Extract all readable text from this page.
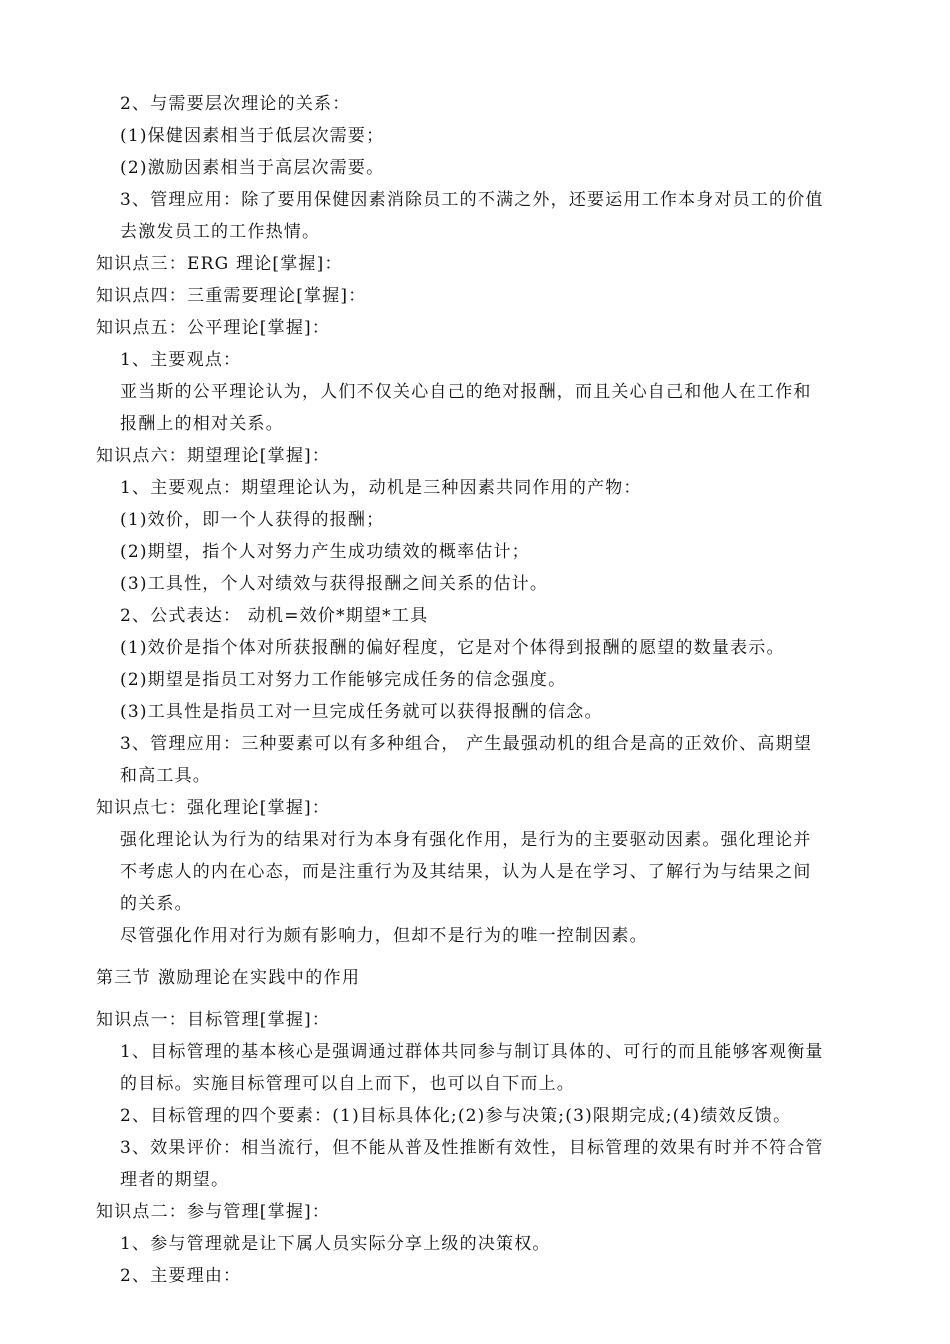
2、与需要层次理论的关系：
(1)保健因素相当于低层次需要；
(2)激励因素相当于高层次需要。
3、管理应用：除了要用保健因素消除员工的不满之外，还要运用工作本身对员工的价值
去激发员工的工作热情。
知识点三：ERG 理论[掌握]：
知识点四：三重需要理论[掌握]：
知识点五：公平理论[掌握]：
1、主要观点：
亚当斯的公平理论认为，人们不仅关心自己的绝对报酬，而且关心自己和他人在工作和
报酬上的相对关系。
知识点六：期望理论[掌握]：
1、主要观点：期望理论认为，动机是三种因素共同作用的产物：
(1)效价，即一个人获得的报酬；
(2)期望，指个人对努力产生成功绩效的概率估计；
(3)工具性，个人对绩效与获得报酬之间关系的估计。
2、公式表达： 动机=效价*期望*工具
(1)效价是指个体对所获报酬的偏好程度，它是对个体得到报酬的愿望的数量表示。
(2)期望是指员工对努力工作能够完成任务的信念强度。
(3)工具性是指员工对一旦完成任务就可以获得报酬的信念。
3、管理应用：三种要素可以有多种组合， 产生最强动机的组合是高的正效价、高期望
和高工具。
知识点七：强化理论[掌握]：
强化理论认为行为的结果对行为本身有强化作用，是行为的主要驱动因素。强化理论并
不考虑人的内在心态，而是注重行为及其结果，认为人是在学习、了解行为与结果之间
的关系。
尽管强化作用对行为颇有影响力，但却不是行为的唯一控制因素。
第三节 激励理论在实践中的作用
知识点一：目标管理[掌握]：
1、目标管理的基本核心是强调通过群体共同参与制订具体的、可行的而且能够客观衡量
的目标。实施目标管理可以自上而下，也可以自下而上。
2、目标管理的四个要素：(1)目标具体化;(2)参与决策;(3)限期完成;(4)绩效反馈。
3、效果评价：相当流行，但不能从普及性推断有效性，目标管理的效果有时并不符合管
理者的期望。
知识点二：参与管理[掌握]：
1、参与管理就是让下属人员实际分享上级的决策权。
2、主要理由：
